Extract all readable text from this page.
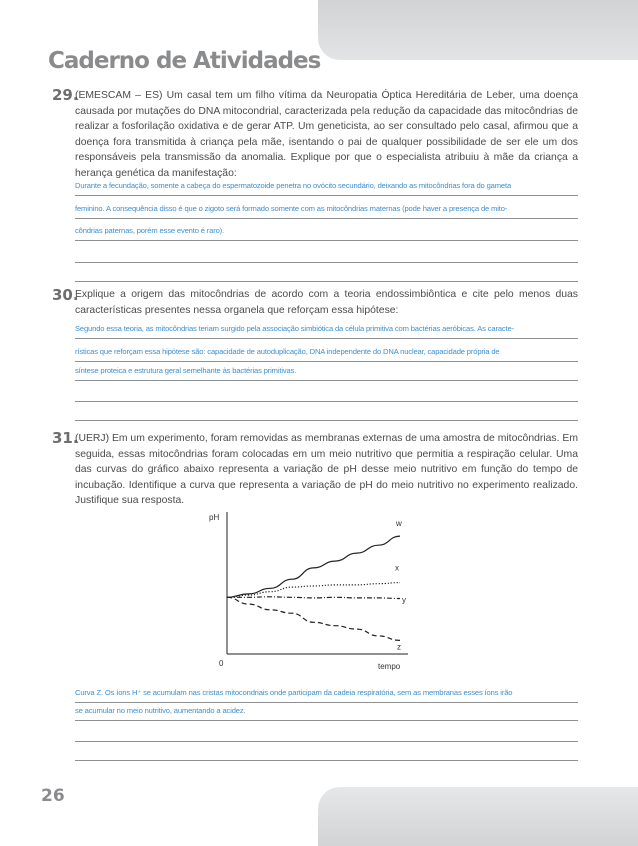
Caderno de Atividades
29.
(EMESCAM – ES) Um casal tem um filho vítima da Neuropatia Óptica Hereditária de Leber, uma doença causada por mutações do DNA mitocondrial, caracterizada pela redução da capacidade das mitocôndrias de realizar a fosforilação oxidativa e de gerar ATP. Um geneticista, ao ser consultado pelo casal, afirmou que a doença fora transmitida à criança pela mãe, isentando o pai de qualquer possibilidade de ser ele um dos responsáveis pela transmissão da anomalia. Explique por que o especialista atribuiu à mãe da criança a herança genética da manifestação:
Durante a fecundação, somente a cabeça do espermatozoide penetra no ovócito secundário, deixando as mitocôndrias fora do gameta
feminino. A consequência disso é que o zigoto será formado somente com as mitocôndrias maternas (pode haver a presença de mito-
côndrias paternas, porém esse evento é raro).
30.
Explique a origem das mitocôndrias de acordo com a teoria endossimbiôntica e cite pelo menos duas características presentes nessa organela que reforçam essa hipótese:
Segundo essa teoria, as mitocôndrias teriam surgido pela associação simbiótica da célula primitiva com bactérias aeróbicas. As caracte-
rísticas que reforçam essa hipótese são: capacidade de autoduplicação, DNA independente do DNA nuclear, capacidade própria de
síntese proteica e estrutura geral semelhante às bactérias primitivas.
31.
(UERJ) Em um experimento, foram removidas as membranas externas de uma amostra de mitocôndrias. Em seguida, essas mitocôndrias foram colocadas em um meio nutritivo que permitia a respiração celular. Uma das curvas do gráfico abaixo representa a variação de pH desse meio nutritivo em função do tempo de incubação. Identifique a curva que representa a variação de pH do meio nutritivo no experimento realizado. Justifique sua resposta.
pH
tempo
0
w
x
y
z
Curva Z. Os íons H⁺ se acumulam nas cristas mitocondriais onde participam da cadeia respiratória, sem as membranas esses íons irão
se acumular no meio nutritivo, aumentando a acidez.
26
